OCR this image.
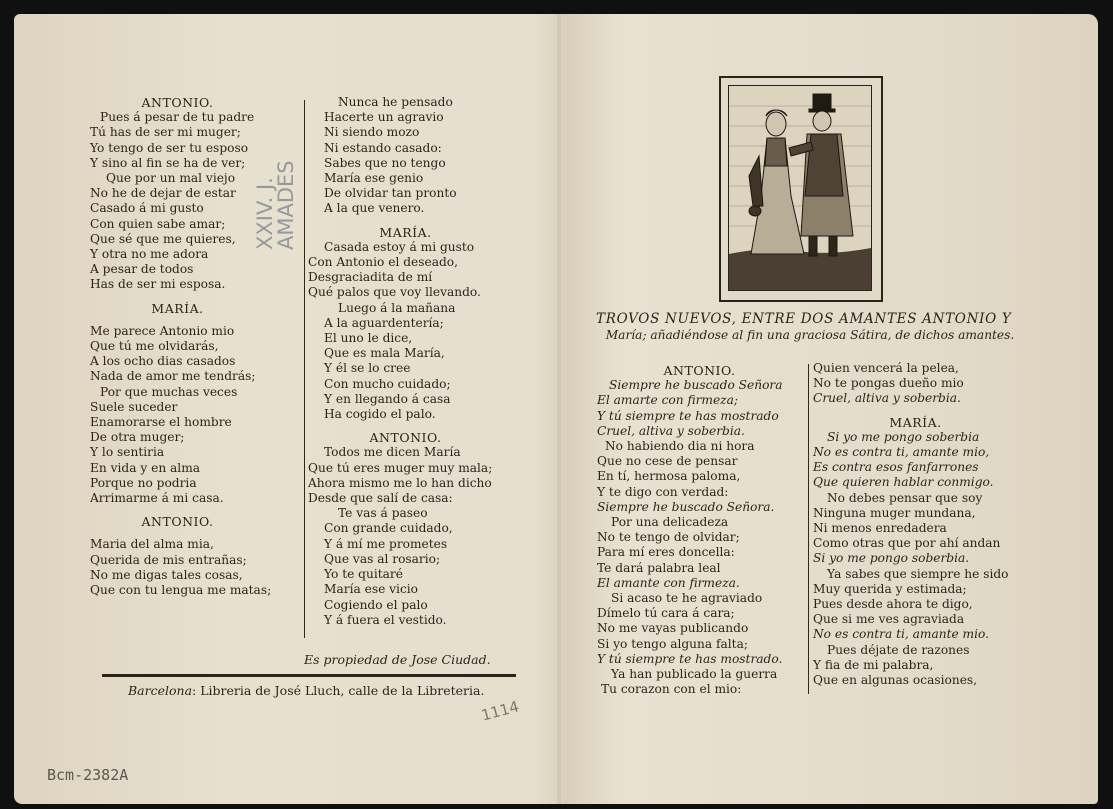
ANTONIO.
Pues á pesar de tu padre
Tú has de ser mi muger;
Yo tengo de ser tu esposo
Y sino al fin se ha de ver;
Que por un mal viejo
No he de dejar de estar
Casado á mi gusto
Con quien sabe amar;
Que sé que me quieres,
Y otra no me adora
A pesar de todos
Has de ser mi esposa.
MARÍA.
Me parece Antonio mio
Que tú me olvidarás,
A los ocho dias casados
Nada de amor me tendrás;
Por que muchas veces
Suele suceder
Enamorarse el hombre
De otra muger;
Y lo sentiria
En vida y en alma
Porque no podria
Arrimarme á mi casa.
ANTONIO.
Maria del alma mia,
Querida de mis entrañas;
No me digas tales cosas,
Que con tu lengua me matas;
Nunca he pensado
Hacerte un agravio
Ni siendo mozo
Ni estando casado:
Sabes que no tengo
María ese genio
De olvidar tan pronto
A la que venero.
MARÍA.
Casada estoy á mi gusto
Con Antonio el deseado,
Desgraciadita de mí
Qué palos que voy llevando.
Luego á la mañana
A la aguardentería;
El uno le dice,
Que es mala María,
Y él se lo cree
Con mucho cuidado;
Y en llegando á casa
Ha cogido el palo.
ANTONIO.
Todos me dicen María
Que tú eres muger muy mala;
Ahora mismo me lo han dicho
Desde que salí de casa:
Te vas á paseo
Con grande cuidado,
Y á mí me prometes
Que vas al rosario;
Yo te quitaré
María ese vicio
Cogiendo el palo
Y á fuera el vestido.
Es propiedad de Jose Ciudad.
Barcelona: Libreria de José Lluch, calle de la Libreteria.
XXIV. J.
AMADES
Bcm-2382A
1114
TROVOS NUEVOS, ENTRE DOS AMANTES ANTONIO Y
María; añadiéndose al fin una graciosa Sátira, de dichos amantes.
ANTONIO.
Siempre he buscado Señora
El amarte con firmeza;
Y tú siempre te has mostrado
Cruel, altiva y soberbia.
No habiendo dia ni hora
Que no cese de pensar
En tí, hermosa paloma,
Y te digo con verdad:
Siempre he buscado Señora.
Por una delicadeza
No te tengo de olvidar;
Para mí eres doncella:
Te dará palabra leal
El amante con firmeza.
Si acaso te he agraviado
Dímelo tú cara á cara;
No me vayas publicando
Si yo tengo alguna falta;
Y tú siempre te has mostrado.
Ya han publicado la guerra
Tu corazon con el mio:
Quien vencerá la pelea,
No te pongas dueño mio
Cruel, altiva y soberbia.
MARÍA.
Si yo me pongo soberbia
No es contra ti, amante mio,
Es contra esos fanfarrones
Que quieren hablar conmigo.
No debes pensar que soy
Ninguna muger mundana,
Ni menos enredadera
Como otras que por ahí andan
Si yo me pongo soberbia.
Ya sabes que siempre he sido
Muy querida y estimada;
Pues desde ahora te digo,
Que si me ves agraviada
No es contra ti, amante mio.
Pues déjate de razones
Y fia de mi palabra,
Que en algunas ocasiones,
